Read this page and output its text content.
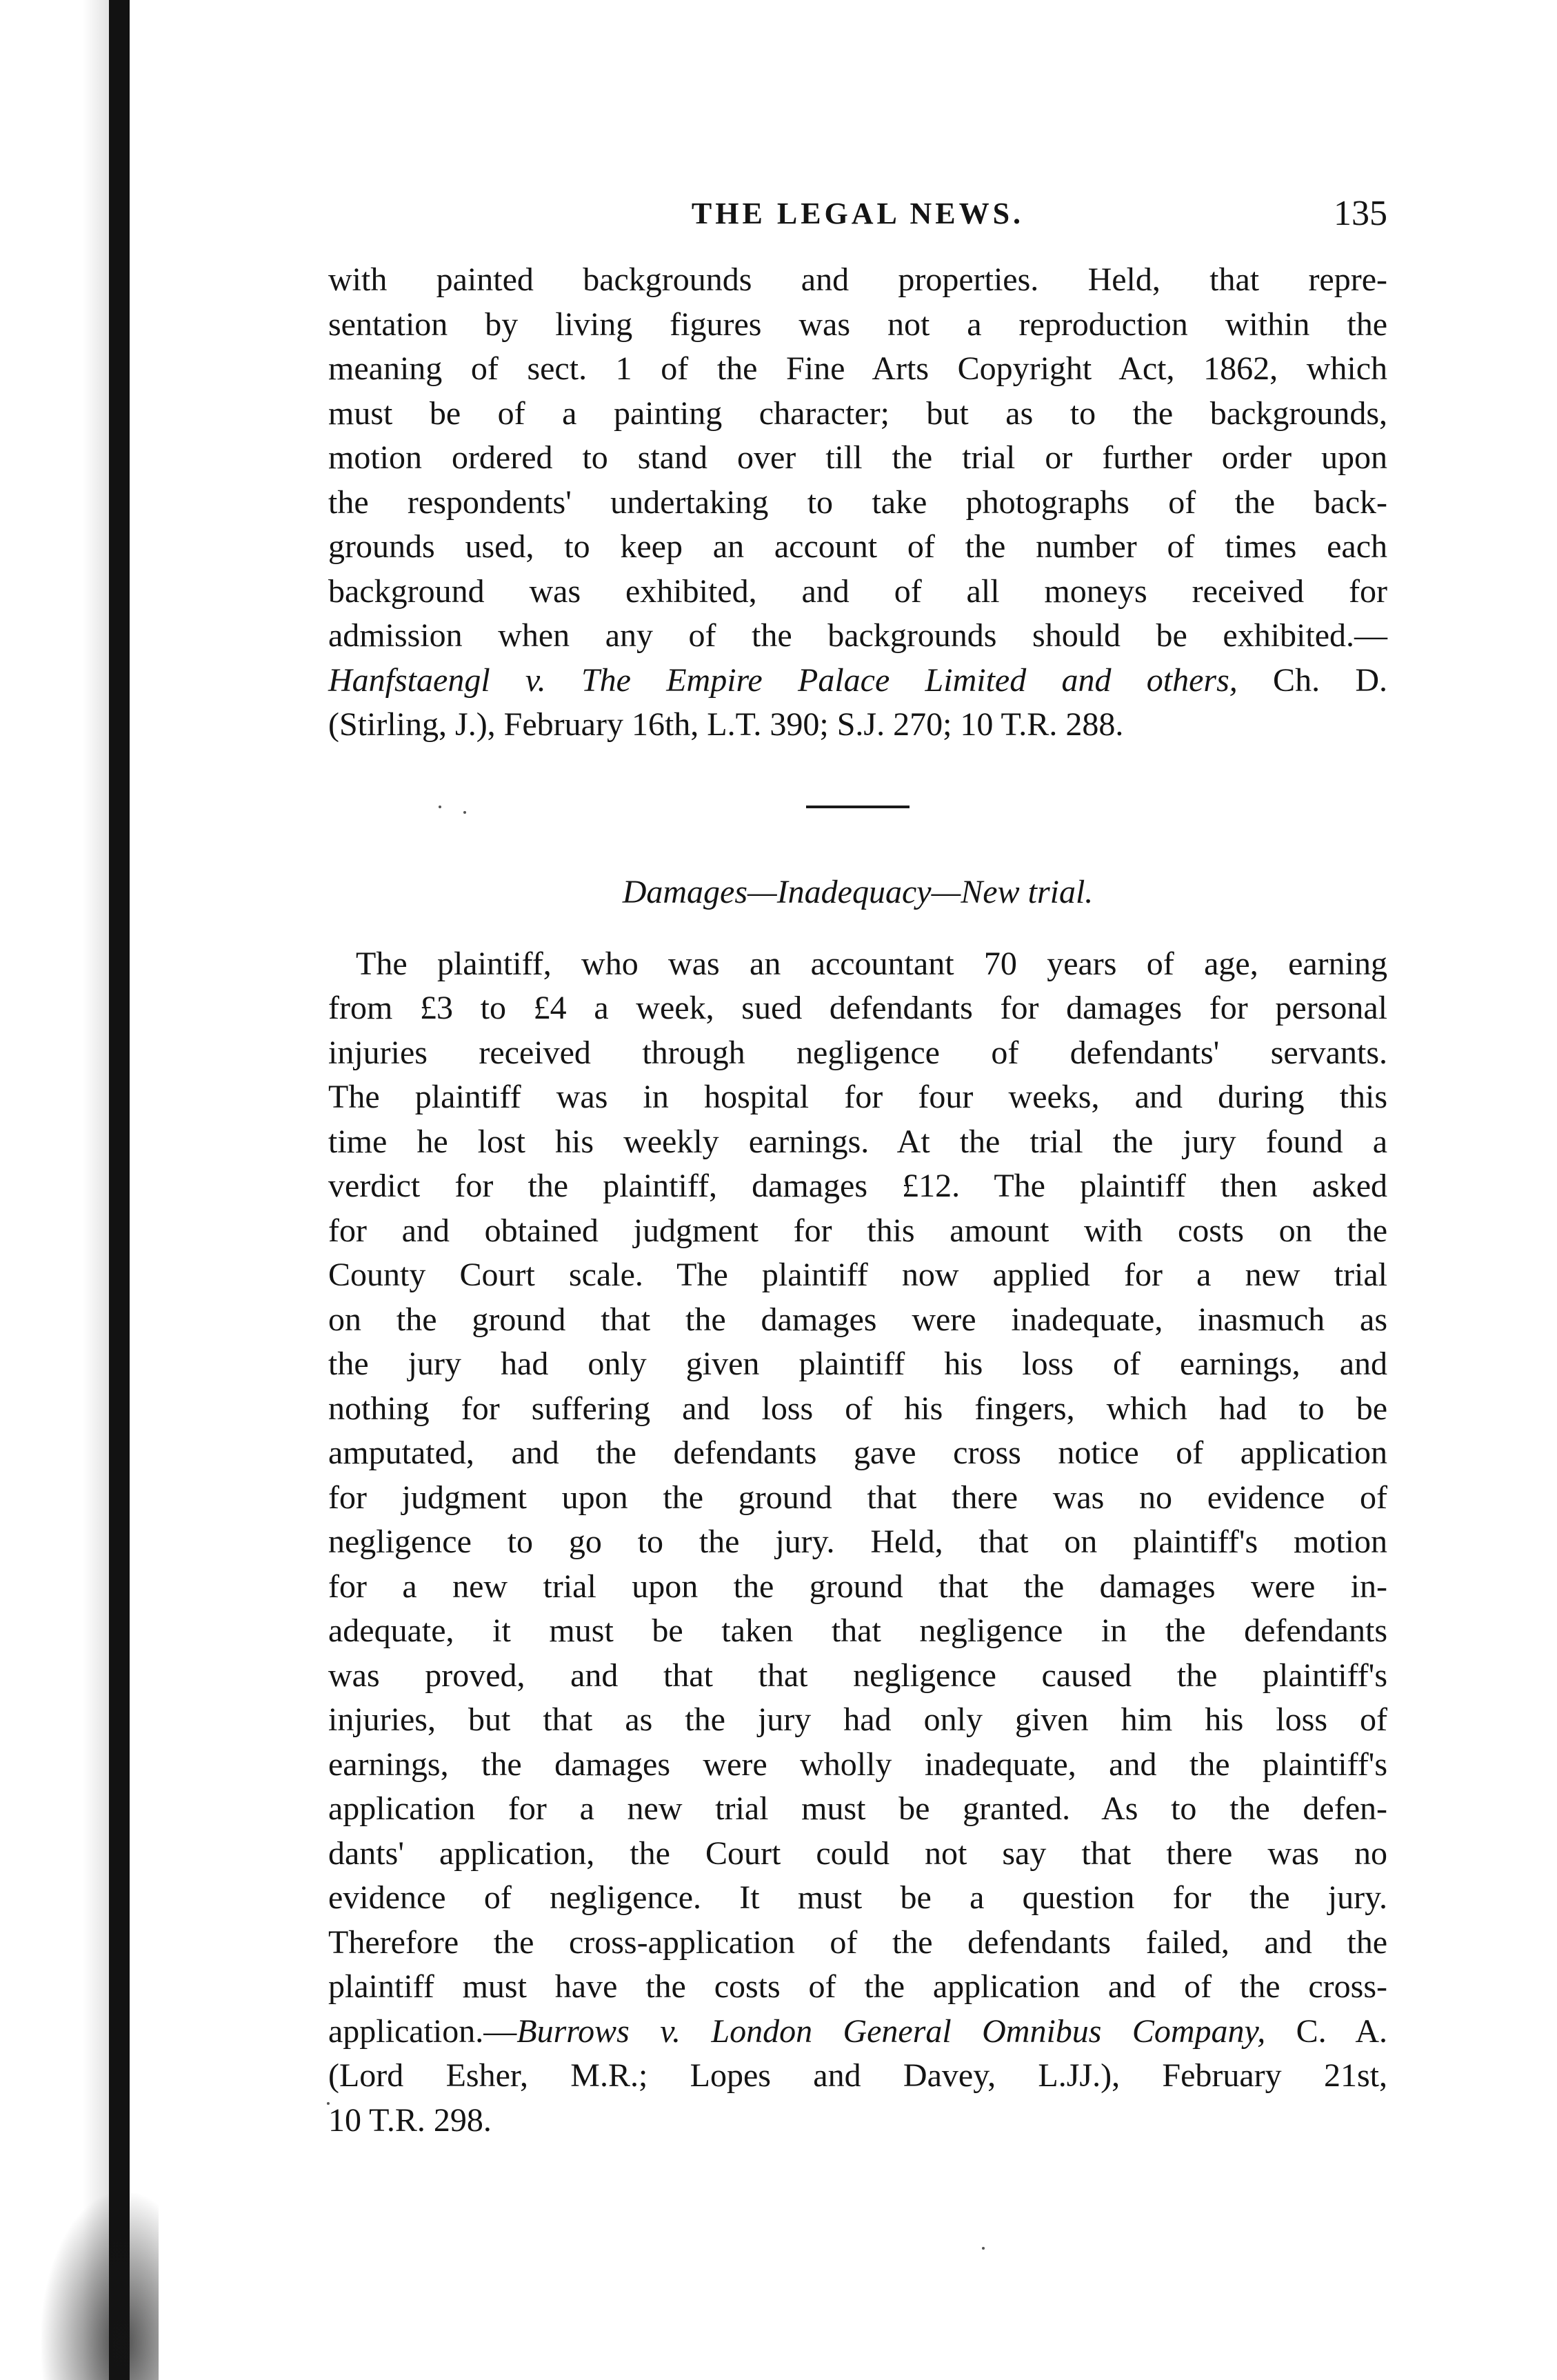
THE LEGAL NEWS.	135
with painted backgrounds and properties. Held, that repre-
sentation by living figures was not a reproduction within the
meaning of sect. 1 of the Fine Arts Copyright Act, 1862, which
must be of a painting character; but as to the backgrounds,
motion ordered to stand over till the trial or further order upon
the respondents' undertaking to take photographs of the back-
grounds used, to keep an account of the number of times each
background was exhibited, and of all moneys received for
admission when any of the backgrounds should be exhibited.—
Hanfstaengl v. The Empire Palace Limited and others, Ch. D.
(Stirling, J.), February 16th, L.T. 390; S.J. 270; 10 T.R. 288.
Damages—Inadequacy—New trial.
The plaintiff, who was an accountant 70 years of age, earning
from £3 to £4 a week, sued defendants for damages for personal
injuries received through negligence of defendants' servants.
The plaintiff was in hospital for four weeks, and during this
time he lost his weekly earnings. At the trial the jury found a
verdict for the plaintiff, damages £12. The plaintiff then asked
for and obtained judgment for this amount with costs on the
County Court scale. The plaintiff now applied for a new trial
on the ground that the damages were inadequate, inasmuch as
the jury had only given plaintiff his loss of earnings, and
nothing for suffering and loss of his fingers, which had to be
amputated, and the defendants gave cross notice of application
for judgment upon the ground that there was no evidence of
negligence to go to the jury. Held, that on plaintiff's motion
for a new trial upon the ground that the damages were in-
adequate, it must be taken that negligence in the defendants
was proved, and that that negligence caused the plaintiff's
injuries, but that as the jury had only given him his loss of
earnings, the damages were wholly inadequate, and the plaintiff's
application for a new trial must be granted. As to the defen-
dants' application, the Court could not say that there was no
evidence of negligence. It must be a question for the jury.
Therefore the cross-application of the defendants failed, and the
plaintiff must have the costs of the application and of the cross-
application.—Burrows v. London General Omnibus Company, C. A.
(Lord Esher, M.R.; Lopes and Davey, L.JJ.), February 21st,
10 T.R. 298.
